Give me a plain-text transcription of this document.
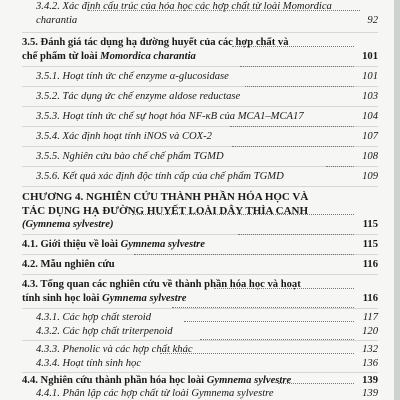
3.4.2. Xác định cấu trúc của hóa học các hợp chất từ loài Momordica
charantia	92
3.5. Đánh giá tác dụng hạ đường huyết của các hợp chất và
chế phẩm từ loài Momordica charantia	101
3.5.1. Hoạt tính ức chế enzyme α-glucosidase	101
3.5.2. Tác dụng ức chế enzyme aldose reductase	103
3.5.3. Hoạt tính ức chế sự hoạt hóa NF-κB của MCA1–MCA17	104
3.5.4. Xác định hoạt tính iNOS và COX-2	107
3.5.5. Nghiên cứu bào chế chế phẩm TGMD	108
3.5.6. Kết quả xác định độc tính cấp của chế phẩm TGMD	109
CHƯƠNG 4. NGHIÊN CỨU THÀNH PHẦN HÓA HỌC VÀ
TÁC DỤNG HẠ ĐƯỜNG HUYẾT LOÀI DÂY THÌA CANH
(Gymnema sylvestre)	115
4.1. Giới thiệu về loài Gymnema sylvestre	115
4.2. Mẫu nghiên cứu	116
4.3. Tổng quan các nghiên cứu về thành phần hóa học và hoạt
tính sinh học loài Gymnema sylvestre	116
4.3.1. Các hợp chất steroid	117
4.3.2. Các hợp chất triterpenoid	120
4.3.3. Phenolic và các hợp chất khác	132
4.3.4. Hoạt tính sinh học	136
4.4. Nghiên cứu thành phần hóa học loài Gymnema sylvestre	139
4.4.1. Phân lập các hợp chất từ loài Gymnema sylvestre	139
